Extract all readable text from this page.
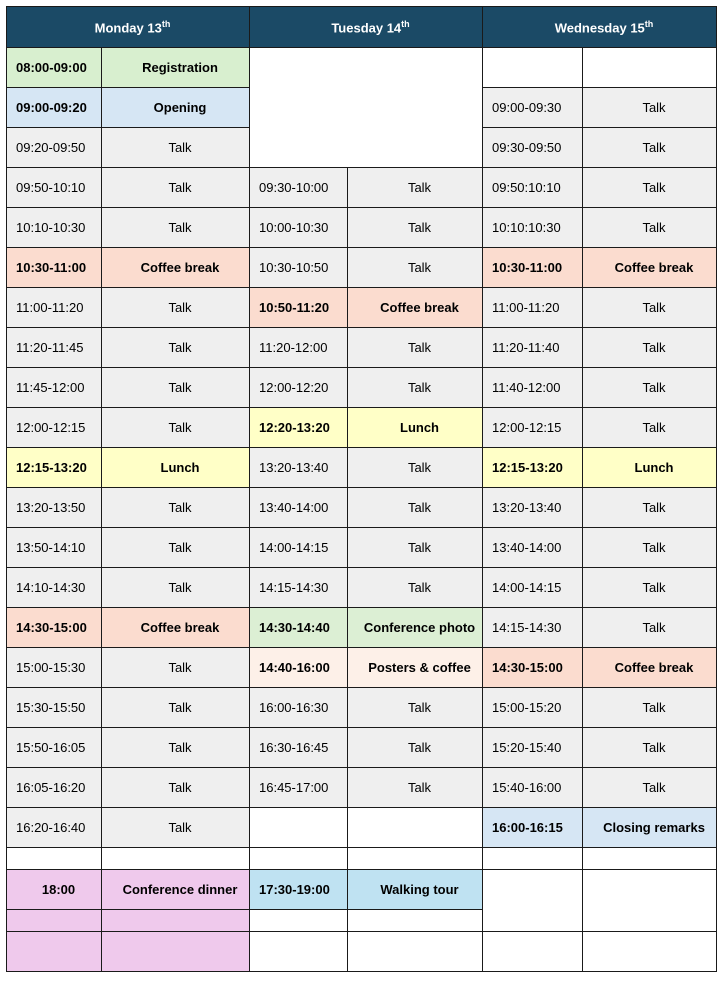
Monday 13th		Tuesday 14th		Wednesday 15th
08:00-09:00	Registration				
09:00-09:20	Opening			09:00-09:30	Talk
09:20-09:50	Talk			09:30-09:50	Talk
09:50-10:10	Talk	09:30-10:00	Talk	09:50:10:10	Talk
10:10-10:30	Talk	10:00-10:30	Talk	10:10:10:30	Talk
10:30-11:00	Coffee break	10:30-10:50	Talk	10:30-11:00	Coffee break
11:00-11:20	Talk	10:50-11:20	Coffee break	11:00-11:20	Talk
11:20-11:45	Talk	11:20-12:00	Talk	11:20-11:40	Talk
11:45-12:00	Talk	12:00-12:20	Talk	11:40-12:00	Talk
12:00-12:15	Talk	12:20-13:20	Lunch	12:00-12:15	Talk
12:15-13:20	Lunch	13:20-13:40	Talk	12:15-13:20	Lunch
13:20-13:50	Talk	13:40-14:00	Talk	13:20-13:40	Talk
13:50-14:10	Talk	14:00-14:15	Talk	13:40-14:00	Talk
14:10-14:30	Talk	14:15-14:30	Talk	14:00-14:15	Talk
14:30-15:00	Coffee break	14:30-14:40	Conference photo	14:15-14:30	Talk
15:00-15:30	Talk	14:40-16:00	Posters & coffee	14:30-15:00	Coffee break
15:30-15:50	Talk	16:00-16:30	Talk	15:00-15:20	Talk
15:50-16:05	Talk	16:30-16:45	Talk	15:20-15:40	Talk
16:05-16:20	Talk	16:45-17:00	Talk	15:40-16:00	Talk
16:20-16:40	Talk			16:00-16:15	Closing remarks

18:00	Conference dinner	17:30-19:00	Walking tour		
